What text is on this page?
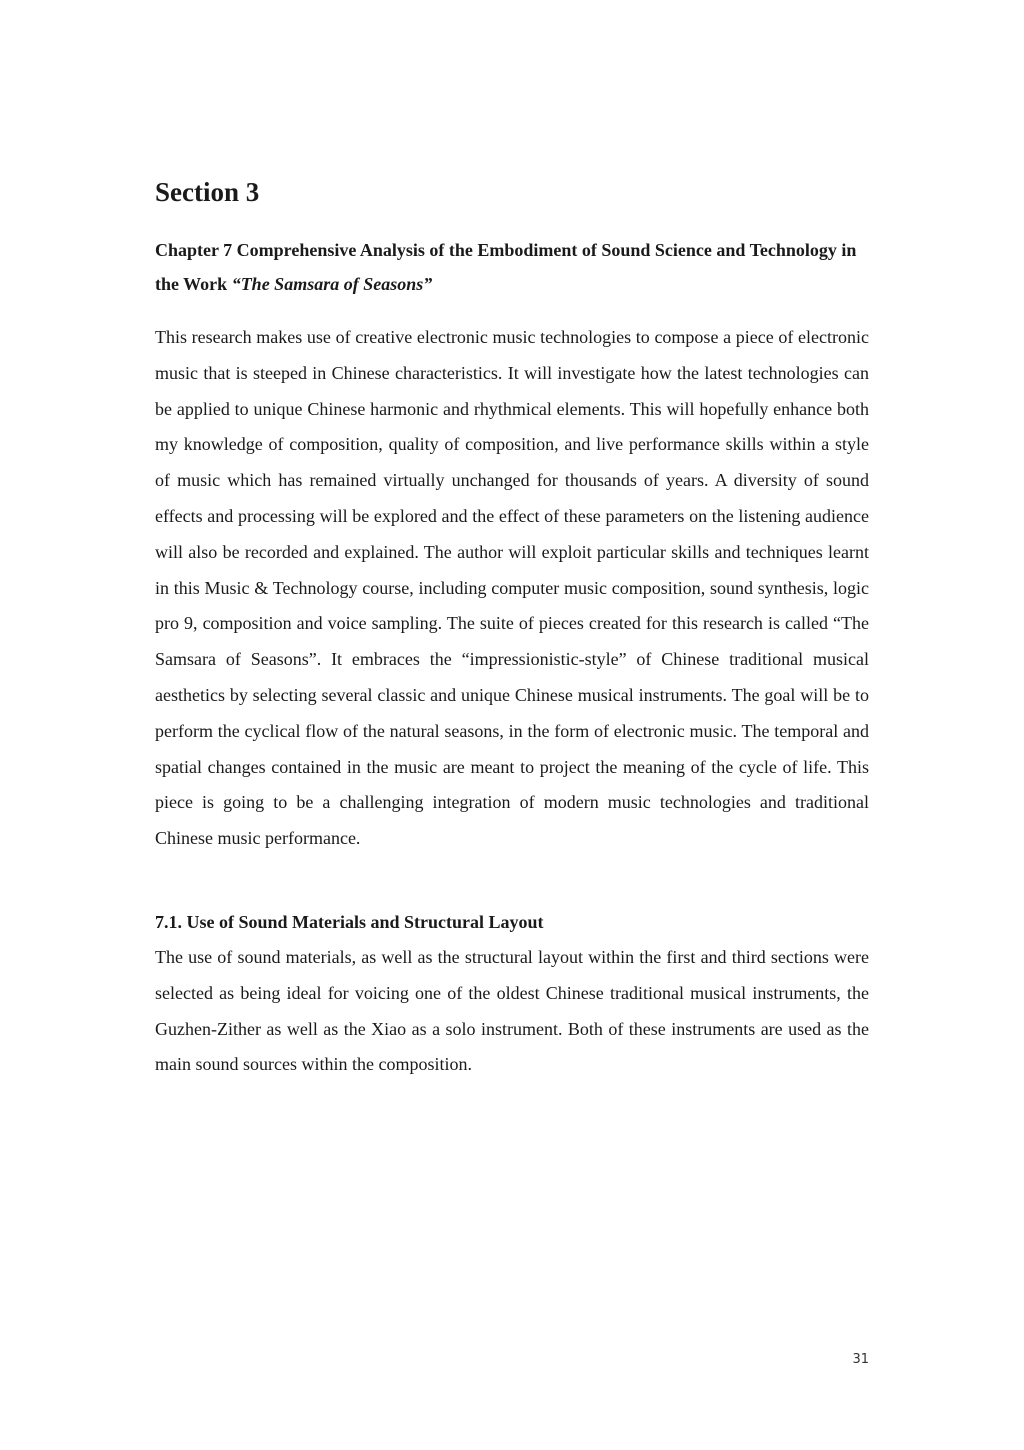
Section 3
Chapter 7 Comprehensive Analysis of the Embodiment of Sound Science and Technology in the Work “The Samsara of Seasons”

This research makes use of creative electronic music technologies to compose a piece of electronic music that is steeped in Chinese characteristics. It will investigate how the latest technologies can be applied to unique Chinese harmonic and rhythmical elements. This will hopefully enhance both my knowledge of composition, quality of composition, and live performance skills within a style of music which has remained virtually unchanged for thousands of years. A diversity of sound effects and processing will be explored and the effect of these parameters on the listening audience will also be recorded and explained. The author will exploit particular skills and techniques learnt in this Music & Technology course, including computer music composition, sound synthesis, logic pro 9, composition and voice sampling. The suite of pieces created for this research is called “The Samsara of Seasons”. It embraces the “impressionistic-style” of Chinese traditional musical aesthetics by selecting several classic and unique Chinese musical instruments. The goal will be to perform the cyclical flow of the natural seasons, in the form of electronic music. The temporal and spatial changes contained in the music are meant to project the meaning of the cycle of life. This piece is going to be a challenging integration of modern music technologies and traditional Chinese music performance.

7.1. Use of Sound Materials and Structural Layout

The use of sound materials, as well as the structural layout within the first and third sections were selected as being ideal for voicing one of the oldest Chinese traditional musical instruments, the Guzhen-Zither as well as the Xiao as a solo instrument. Both of these instruments are used as the main sound sources within the composition.

31
